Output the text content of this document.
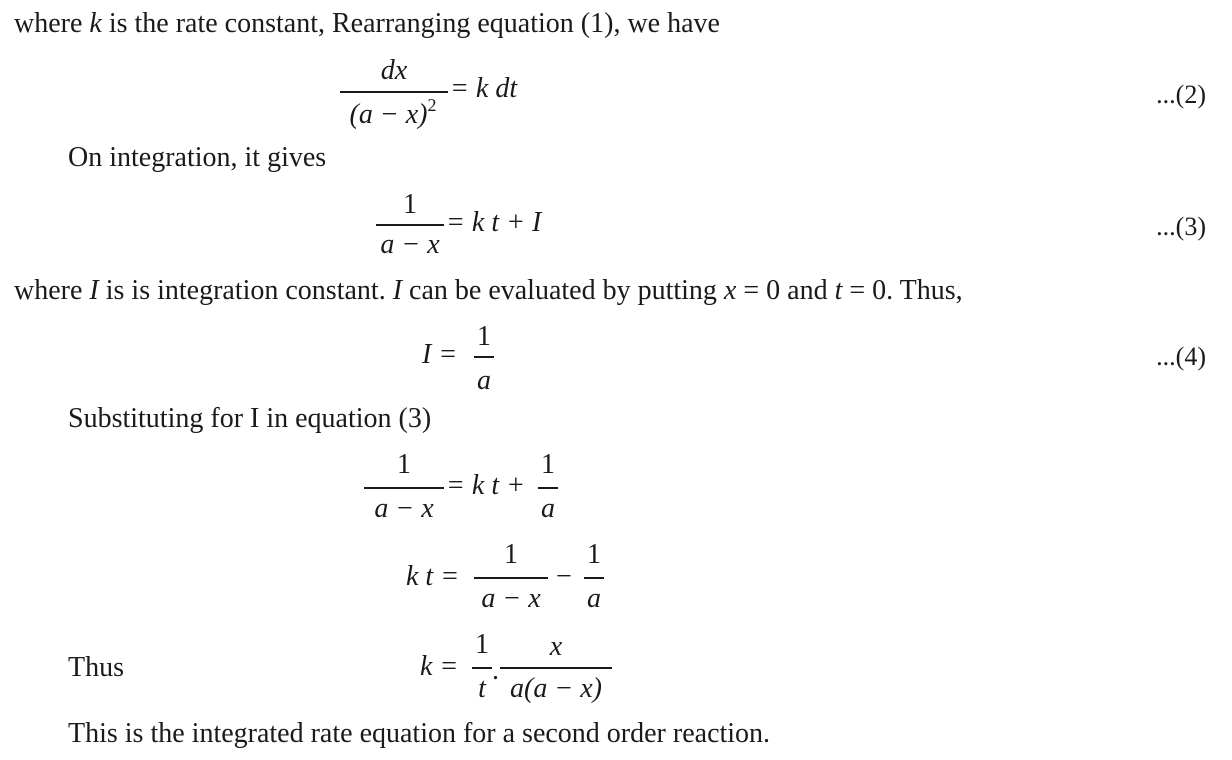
where k is the rate constant, Rearranging equation (1), we have
dx
$(a - x)^2$
= k dt	...(2)
On integration, it gives
1
a − x
= k t + I	...(3)
where I is is integration constant. I can be evaluated by putting x = 0 and t = 0. Thus,
I =
1
a
...(4)
Substituting for I in equation (3)
1
a − x
= k t +
1
a
k t =
1
a − x
−
1
a
Thus	k =
1
t
.
x
a(a − x)
This is the integrated rate equation for a second order reaction.
